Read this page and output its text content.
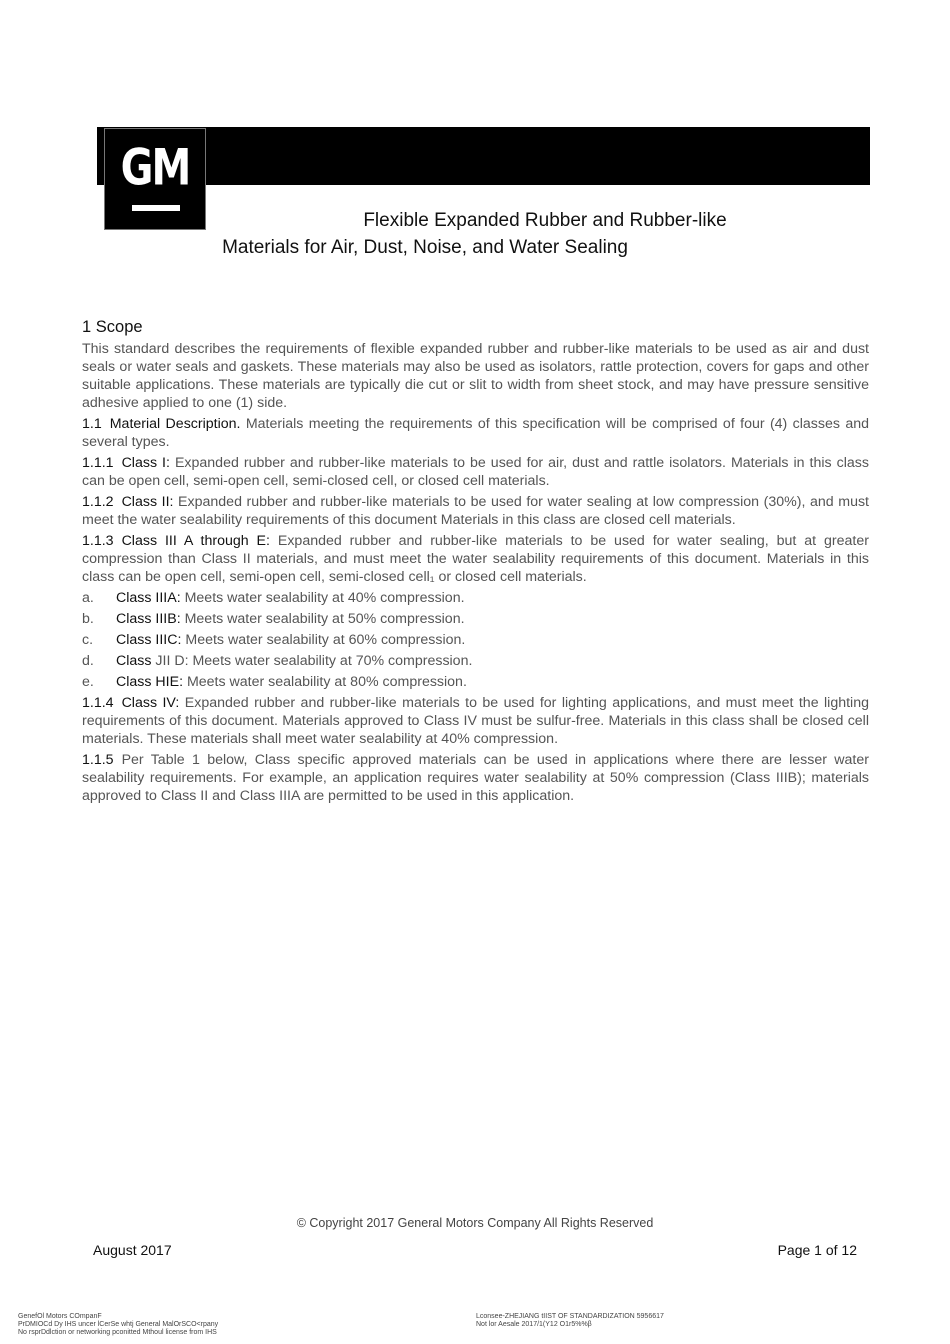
WORLDWIDE ENGINEERING STANDARDS
GM
Flexible Expanded Rubber and Rubber-like
Materials for Air, Dust, Noise, and Water Sealing
1 Scope
This standard describes the requirements of flexible expanded rubber and rubber-like materials to be used as air and dust seals or water seals and gaskets. These materials may also be used as isolators, rattle protection, covers for gaps and other suitable applications. These materials are typically die cut or slit to width from sheet stock, and may have pressure sensitive adhesive applied to one (1) side.
1.1 Material Description. Materials meeting the requirements of this specification will be comprised of four (4) classes and several types.
1.1.1 Class I: Expanded rubber and rubber-like materials to be used for air, dust and rattle isolators. Materials in this class can be open cell, semi-open cell, semi-closed cell, or closed cell materials.
1.1.2 Class II: Expanded rubber and rubber-like materials to be used for water sealing at low compression (30%), and must meet the water sealability requirements of this document Materials in this class are closed cell materials.
1.1.3 Class III A through E: Expanded rubber and rubber-like materials to be used for water sealing, but at greater compression than Class II materials, and must meet the water sealability requirements of this document. Materials in this class can be open cell, semi-open cell, semi-closed cell₁ or closed cell materials.
a.	Class IIIA: Meets water sealability at 40% compression.
b.	Class IIIB: Meets water sealability at 50% compression.
c.	Class IIIC: Meets water sealability at 60% compression.
d.	Class JII D: Meets water sealability at 70% compression.
e.	Class HIE: Meets water sealability at 80% compression.
1.1.4 Class IV: Expanded rubber and rubber-like materials to be used for lighting applications, and must meet the lighting requirements of this document. Materials approved to Class IV must be sulfur-free. Materials in this class shall be closed cell materials. These materials shall meet water sealability at 40% compression.
1.1.5 Per Table 1 below, Class specific approved materials can be used in applications where there are lesser water sealability requirements. For example, an application requires water sealability at 50% compression (Class IIIB); materials approved to Class II and Class IIIA are permitted to be used in this application.
© Copyright 2017 General Motors Company All Rights Reserved
August 2017	Page 1 of 12
GenefOl Motors COmpanF
PrDMIOCd Dy IHS uncer lCerSe whtj General MalOrSCO<rpany
No rsprDdlction or networking pconitted Mthoul license from IHS
Lconsee-ZHEJIANG tIIST OF STANDARDIZATION 5956617
Not lor Aesale 2017/1(Y12 O1r5%%β
